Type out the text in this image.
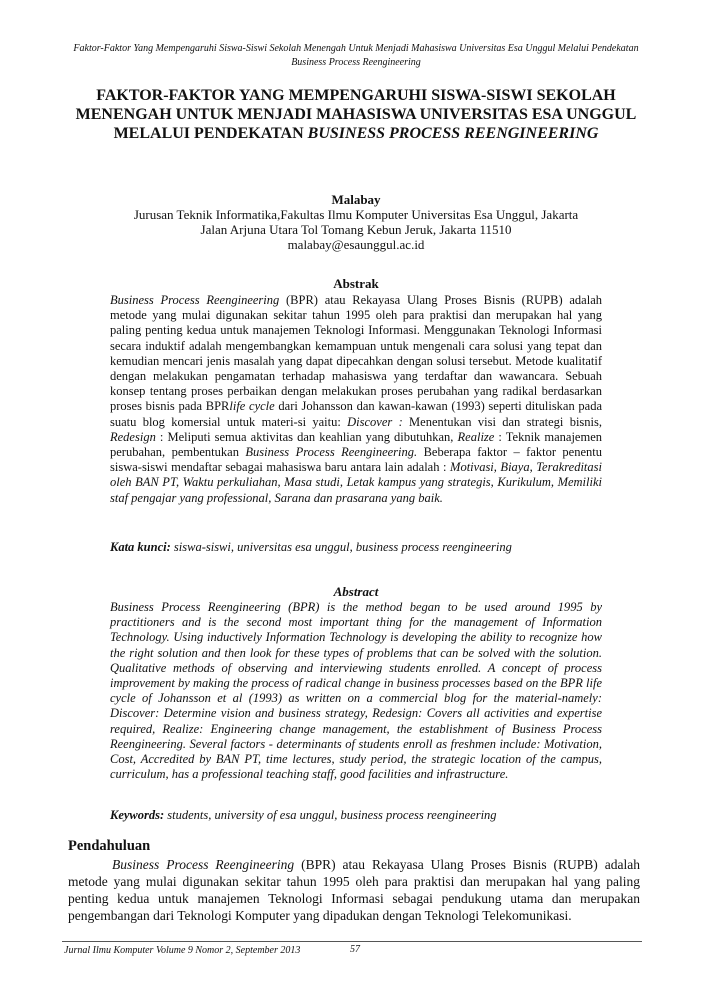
Faktor-Faktor Yang Mempengaruhi Siswa-Siswi Sekolah Menengah Untuk Menjadi Mahasiswa Universitas Esa Unggul Melalui Pendekatan Business Process Reengineering
FAKTOR-FAKTOR YANG MEMPENGARUHI SISWA-SISWI SEKOLAH MENENGAH UNTUK MENJADI MAHASISWA UNIVERSITAS ESA UNGGUL MELALUI PENDEKATAN BUSINESS PROCESS REENGINEERING
Malabay
Jurusan Teknik Informatika,Fakultas Ilmu Komputer Universitas Esa Unggul, Jakarta
Jalan Arjuna Utara Tol Tomang Kebun Jeruk, Jakarta 11510
malabay@esaunggul.ac.id
Abstrak
Business Process Reengineering (BPR) atau Rekayasa Ulang Proses Bisnis (RUPB) adalah metode yang mulai digunakan sekitar tahun 1995 oleh para praktisi dan merupakan hal yang paling penting kedua untuk manajemen Teknologi Informasi. Menggunakan Teknologi Informasi secara induktif adalah mengembangkan kemampuan untuk mengenali cara solusi yang tepat dan kemudian mencari jenis masalah yang dapat dipecahkan dengan solusi tersebut. Metode kualitatif dengan melakukan pengamatan terhadap mahasiswa yang terdaftar dan wawancara. Sebuah konsep tentang proses perbaikan dengan melakukan proses perubahan yang radikal berdasarkan proses bisnis pada BPRlife cycle dari Johansson dan kawan-kawan (1993) seperti dituliskan pada suatu blog komersial untuk materi-si yaitu: Discover : Menentukan visi dan strategi bisnis, Redesign : Meliputi semua aktivitas dan keahlian yang dibutuhkan, Realize : Teknik manajemen perubahan, pembentukan Business Process Reengineering. Beberapa faktor – faktor penentu siswa-siswi mendaftar sebagai mahasiswa baru antara lain adalah : Motivasi, Biaya, Terakreditasi oleh BAN PT, Waktu perkuliahan, Masa studi, Letak kampus yang strategis, Kurikulum, Memiliki staf pengajar yang professional, Sarana dan prasarana yang baik.
Kata kunci: siswa-siswi, universitas esa unggul, business process reengineering
Abstract
Business Process Reengineering (BPR) is the method began to be used around 1995 by practitioners and is the second most important thing for the management of Information Technology. Using inductively Information Technology is developing the ability to recognize how the right solution and then look for these types of problems that can be solved with the solution. Qualitative methods of observing and interviewing students enrolled. A concept of process improvement by making the process of radical change in business processes based on the BPR life cycle of Johansson et al (1993) as written on a commercial blog for the material-namely: Discover: Determine vision and business strategy, Redesign: Covers all activities and expertise required, Realize: Engineering change management, the establishment of Business Process Reengineering. Several factors - determinants of students enroll as freshmen include: Motivation, Cost, Accredited by BAN PT, time lectures, study period, the strategic location of the campus, curriculum, has a professional teaching staff, good facilities and infrastructure.
Keywords: students, university of esa unggul, business process reengineering
Pendahuluan
Business Process Reengineering (BPR) atau Rekayasa Ulang Proses Bisnis (RUPB) adalah metode yang mulai digunakan sekitar tahun 1995 oleh para praktisi dan merupakan hal yang paling penting kedua untuk manajemen Teknologi Informasi sebagai pendukung utama dan merupakan pengembangan dari Teknologi Komputer yang dipadukan dengan Teknologi Telekomunikasi.
Jurnal Ilmu Komputer Volume 9 Nomor 2, September 2013	57
